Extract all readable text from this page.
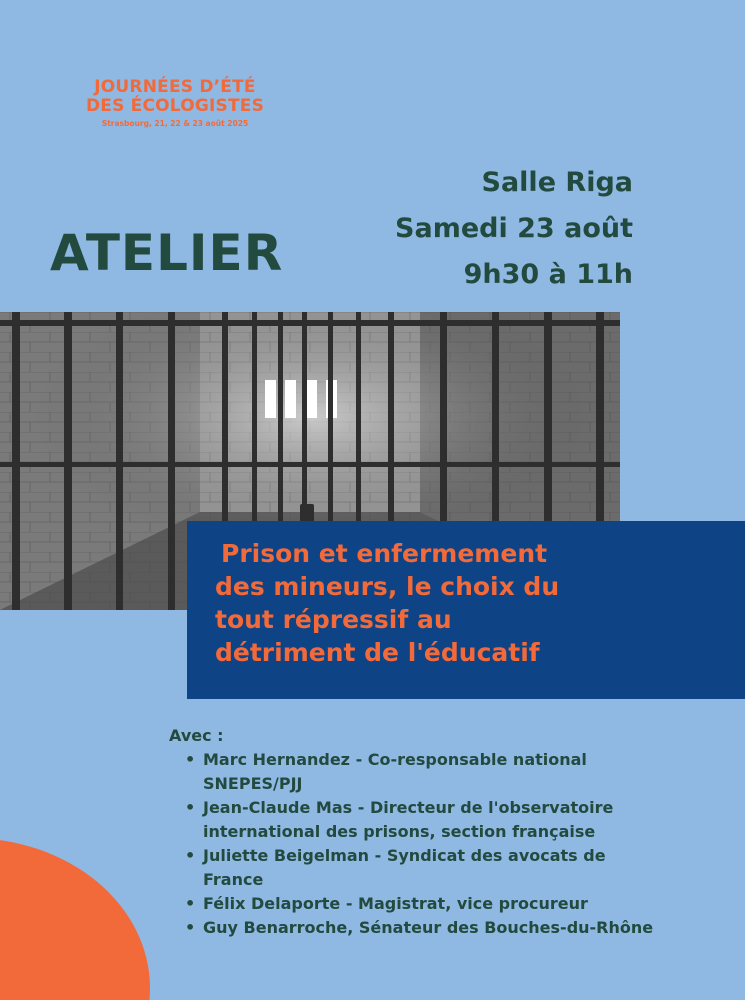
JOURNÉES D’ÉTÉ
DES ÉCOLOGISTES
Strasbourg, 21, 22 & 23 août 2025
ATELIER
Salle Riga
Samedi 23 août
9h30 à 11h
Prison et enfermement
des mineurs, le choix du
tout répressif au
détriment de l'éducatif
Avec :
• Marc Hernandez - Co-responsable national
SNEPES/PJJ
• Jean-Claude Mas - Directeur de l'observatoire
international des prisons, section française
• Juliette Beigelman - Syndicat des avocats de
France
• Félix Delaporte - Magistrat, vice procureur
• Guy Benarroche, Sénateur des Bouches-du-Rhône
